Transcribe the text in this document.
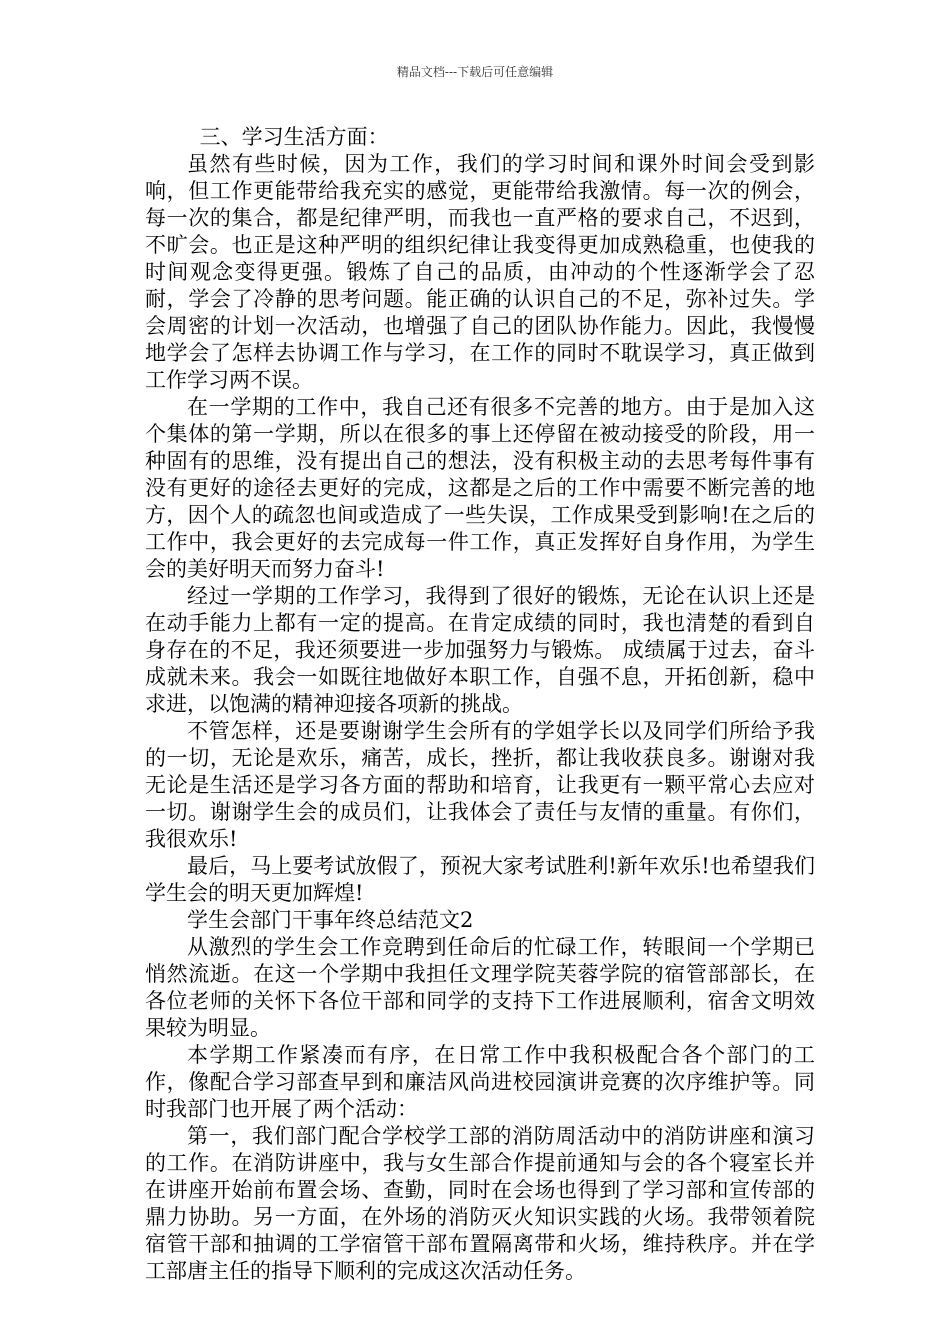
精品文档---下载后可任意编辑

三、学习生活方面：

虽然有些时候，因为工作，我们的学习时间和课外时间会受到影响，但工作更能带给我充实的感觉，更能带给我激情。每一次的例会，每一次的集合，都是纪律严明，而我也一直严格的要求自己，不迟到，不旷会。也正是这种严明的组织纪律让我变得更加成熟稳重，也使我的时间观念变得更强。锻炼了自己的品质，由冲动的个性逐渐学会了忍耐，学会了冷静的思考问题。能正确的认识自己的不足，弥补过失。学会周密的计划一次活动，也增强了自己的团队协作能力。因此，我慢慢地学会了怎样去协调工作与学习，在工作的同时不耽误学习，真正做到工作学习两不误。

在一学期的工作中，我自己还有很多不完善的地方。由于是加入这个集体的第一学期，所以在很多的事上还停留在被动接受的阶段，用一种固有的思维，没有提出自己的想法，没有积极主动的去思考每件事有没有更好的途径去更好的完成，这都是之后的工作中需要不断完善的地方，因个人的疏忽也间或造成了一些失误，工作成果受到影响!在之后的工作中，我会更好的去完成每一件工作，真正发挥好自身作用，为学生会的美好明天而努力奋斗!

经过一学期的工作学习，我得到了很好的锻炼，无论在认识上还是在动手能力上都有一定的提高。在肯定成绩的同时，我也清楚的看到自身存在的不足，我还须要进一步加强努力与锻炼。 成绩属于过去，奋斗成就未来。我会一如既往地做好本职工作，自强不息，开拓创新，稳中求进，以饱满的精神迎接各项新的挑战。

不管怎样，还是要谢谢学生会所有的学姐学长以及同学们所给予我的一切，无论是欢乐，痛苦，成长，挫折，都让我收获良多。谢谢对我无论是生活还是学习各方面的帮助和培育，让我更有一颗平常心去应对一切。谢谢学生会的成员们，让我体会了责任与友情的重量。有你们，我很欢乐!

最后，马上要考试放假了，预祝大家考试胜利!新年欢乐!也希望我们学生会的明天更加辉煌!

学生会部门干事年终总结范文2

从激烈的学生会工作竞聘到任命后的忙碌工作，转眼间一个学期已悄然流逝。在这一个学期中我担任文理学院芙蓉学院的宿管部部长，在各位老师的关怀下各位干部和同学的支持下工作进展顺利，宿舍文明效果较为明显。

本学期工作紧凑而有序，在日常工作中我积极配合各个部门的工作，像配合学习部查早到和廉洁风尚进校园演讲竞赛的次序维护等。同时我部门也开展了两个活动：

第一，我们部门配合学校学工部的消防周活动中的消防讲座和演习的工作。在消防讲座中，我与女生部合作提前通知与会的各个寝室长并在讲座开始前布置会场、查勤，同时在会场也得到了学习部和宣传部的鼎力协助。另一方面，在外场的消防灭火知识实践的火场。我带领着院宿管干部和抽调的工学宿管干部布置隔离带和火场，维持秩序。并在学工部唐主任的指导下顺利的完成这次活动任务。
